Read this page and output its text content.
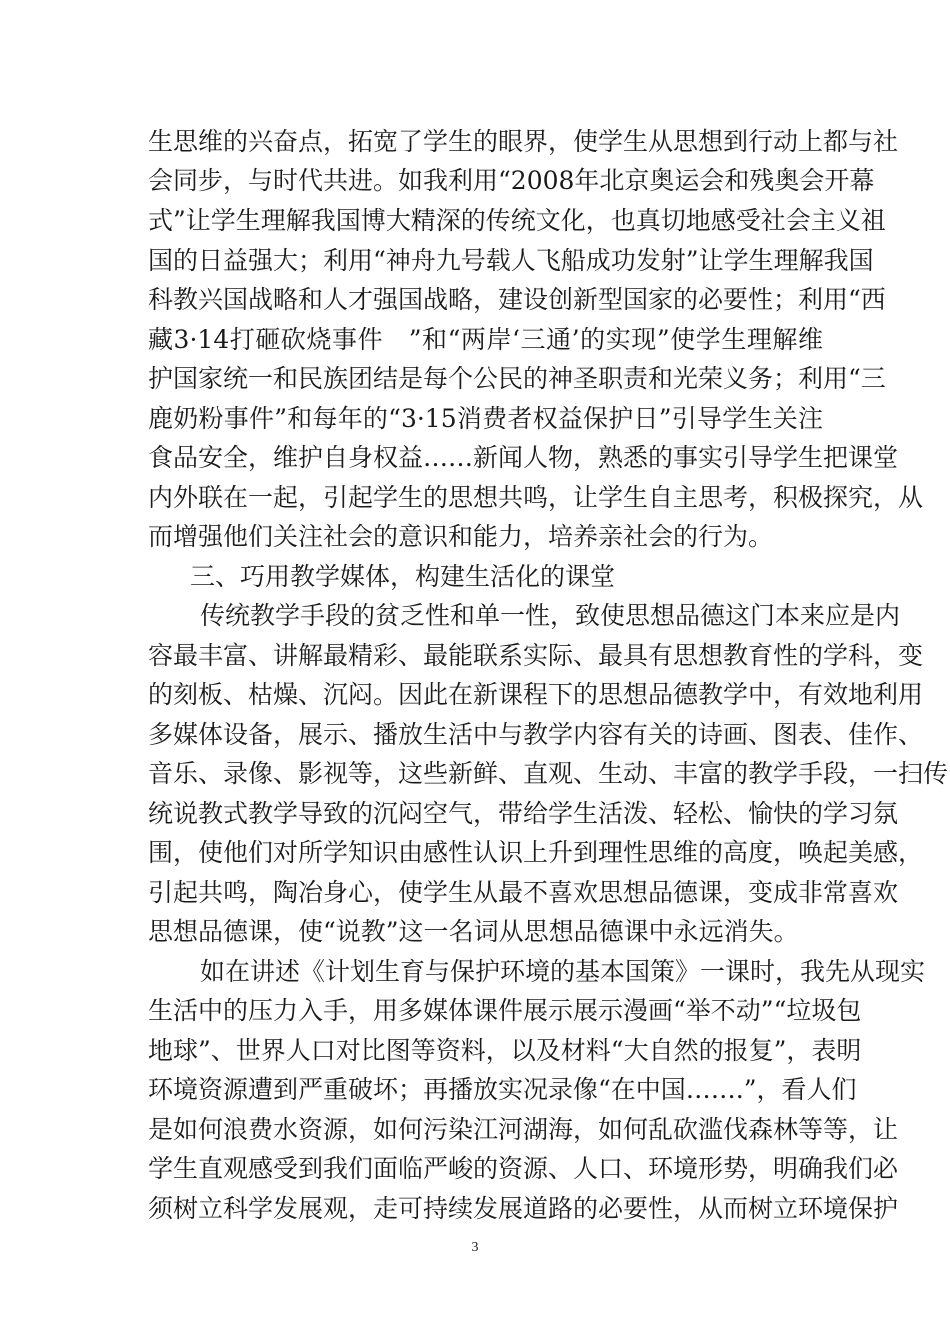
生思维的兴奋点，拓宽了学生的眼界，使学生从思想到行动上都与社
会同步，与时代共进。如我利用“2008年北京奥运会和残奥会开幕
式”让学生理解我国博大精深的传统文化，也真切地感受社会主义祖
国的日益强大；利用“神舟九号载人飞船成功发射”让学生理解我国
科教兴国战略和人才强国战略，建设创新型国家的必要性；利用“西
藏3·14打砸砍烧事件　”和“两岸‘三通’的实现”使学生理解维
护国家统一和民族团结是每个公民的神圣职责和光荣义务；利用“三
鹿奶粉事件”和每年的“3·15消费者权益保护日”引导学生关注
食品安全，维护自身权益……新闻人物，熟悉的事实引导学生把课堂
内外联在一起，引起学生的思想共鸣，让学生自主思考，积极探究，从
而增强他们关注社会的意识和能力，培养亲社会的行为。
三、巧用教学媒体，构建生活化的课堂
传统教学手段的贫乏性和单一性，致使思想品德这门本来应是内
容最丰富、讲解最精彩、最能联系实际、最具有思想教育性的学科，变
的刻板、枯燥、沉闷。因此在新课程下的思想品德教学中，有效地利用
多媒体设备，展示、播放生活中与教学内容有关的诗画、图表、佳作、
音乐、录像、影视等，这些新鲜、直观、生动、丰富的教学手段，一扫传
统说教式教学导致的沉闷空气，带给学生活泼、轻松、愉快的学习氛
围，使他们对所学知识由感性认识上升到理性思维的高度，唤起美感，
引起共鸣，陶冶身心，使学生从最不喜欢思想品德课，变成非常喜欢
思想品德课，使“说教”这一名词从思想品德课中永远消失。
如在讲述《计划生育与保护环境的基本国策》一课时，我先从现实
生活中的压力入手，用多媒体课件展示展示漫画“举不动”“垃圾包
地球”、世界人口对比图等资料，以及材料“大自然的报复”，表明
环境资源遭到严重破坏；再播放实况录像“在中国…….”，看人们
是如何浪费水资源，如何污染江河湖海，如何乱砍滥伐森林等等，让
学生直观感受到我们面临严峻的资源、人口、环境形势，明确我们必
须树立科学发展观，走可持续发展道路的必要性，从而树立环境保护
3
